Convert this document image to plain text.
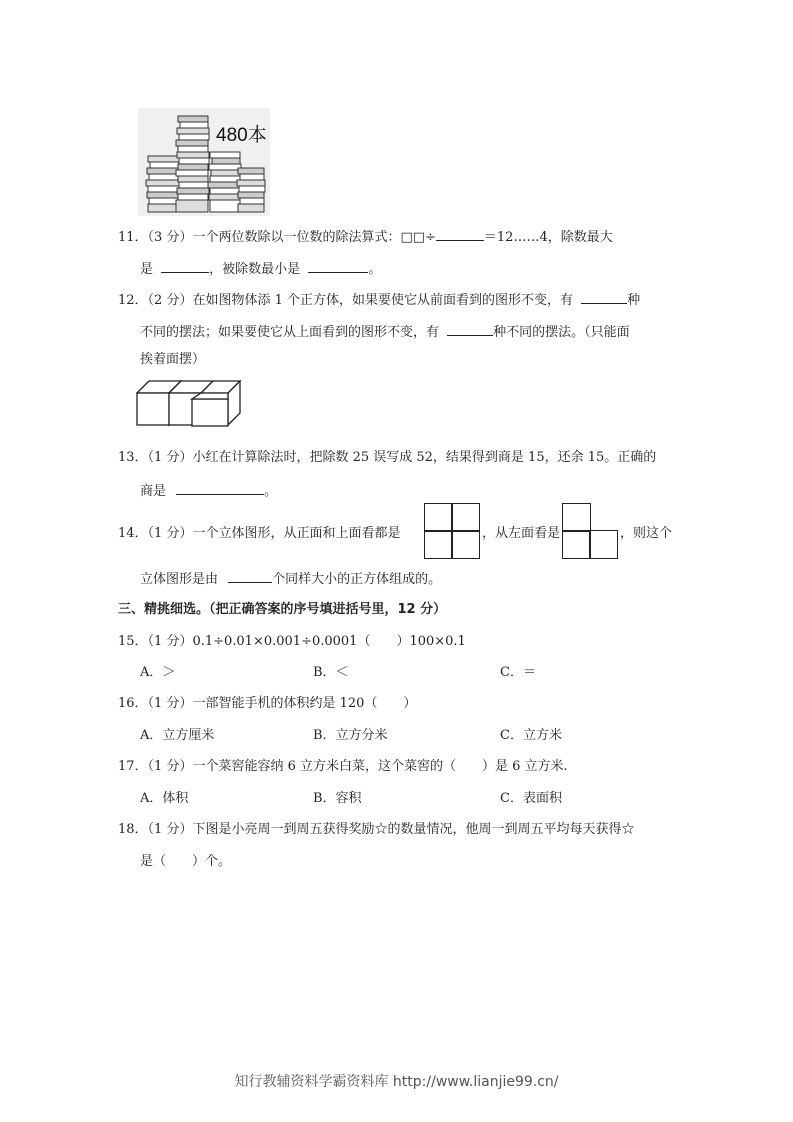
480本
11．（3 分）一个两位数除以一位数的除法算式：□□÷	＝12……4，除数最大
是	，被除数最小是	。
12．（2 分）在如图物体添 1 个正方体，如果要使它从前面看到的图形不变，有	种
不同的摆法；如果要使它从上面看到的图形不变，有	种不同的摆法。（只能面
挨着面摆）
13．（1 分）小红在计算除法时，把除数 25 误写成 52，结果得到商是 15，还余 15。正确的
商是	。
14．（1 分）一个立体图形，从正面和上面看都是	，从左面看是	，则这个
立体图形是由	个同样大小的正方体组成的。
三、精挑细选。（把正确答案的序号填进括号里，12 分）
15．（1 分）0.1÷0.01×0.001÷0.0001（　　）100×0.1
A．＞	B．＜	C．＝
16．（1 分）一部智能手机的体积约是 120（　　）
A．立方厘米	B．立方分米	C．立方米
17．（1 分）一个菜窖能容纳 6 立方米白菜，这个菜窖的（　　）是 6 立方米.
A．体积	B．容积	C．表面积
18．（1 分）下图是小亮周一到周五获得奖励☆的数量情况，他周一到周五平均每天获得☆
是（　　）个。
知行教辅资料学霸资料库 http://www.lianjie99.cn/
